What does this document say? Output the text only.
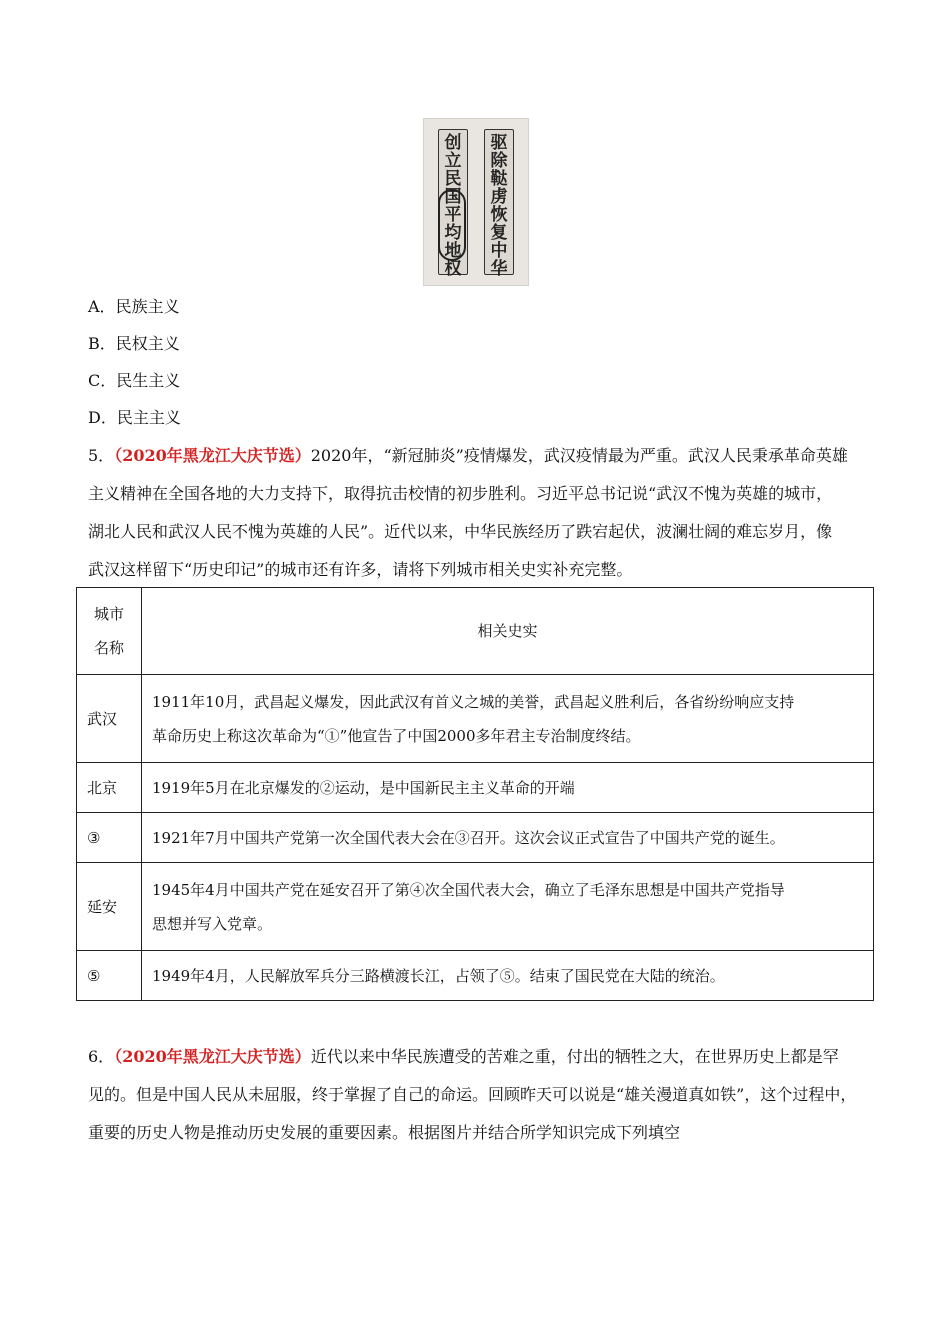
创
立
民
国
平
均
地
权
驱
除
鞑
虏
恢
复
中
华
A．民族主义
B．民权主义
C．民生主义
D．民主主义
5．（2020年黑龙江大庆节选）2020年，“新冠肺炎”疫情爆发，武汉疫情最为严重。武汉人民秉承革命英雄
主义精神在全国各地的大力支持下，取得抗击校情的初步胜利。习近平总书记说“武汉不愧为英雄的城市，
湖北人民和武汉人民不愧为英雄的人民”。近代以来，中华民族经历了跌宕起伏，波澜壮阔的难忘岁月，像
武汉这样留下“历史印记”的城市还有许多，请将下列城市相关史实补充完整。
城市
名称	相关史实
武汉	1911年10月，武昌起义爆发，因此武汉有首义之城的美誉，武昌起义胜利后，各省纷纷响应支持
革命历史上称这次革命为“①”他宣告了中国2000多年君主专治制度终结。

北京	1919年5月在北京爆发的②运动，是中国新民主主义革命的开端

③	1921年7月中国共产党第一次全国代表大会在③召开。这次会议正式宣告了中国共产党的诞生。

延安	1945年4月中国共产党在延安召开了第④次全国代表大会，确立了毛泽东思想是中国共产党指导
思想并写入党章。

⑤	1949年4月，人民解放军兵分三路横渡长江，占领了⑤。结束了国民党在大陆的统治。
6．（2020年黑龙江大庆节选）近代以来中华民族遭受的苦难之重，付出的牺牲之大，在世界历史上都是罕
见的。但是中国人民从未屈服，终于掌握了自己的命运。回顾昨天可以说是“雄关漫道真如铁”，这个过程中，
重要的历史人物是推动历史发展的重要因素。根据图片并结合所学知识完成下列填空
